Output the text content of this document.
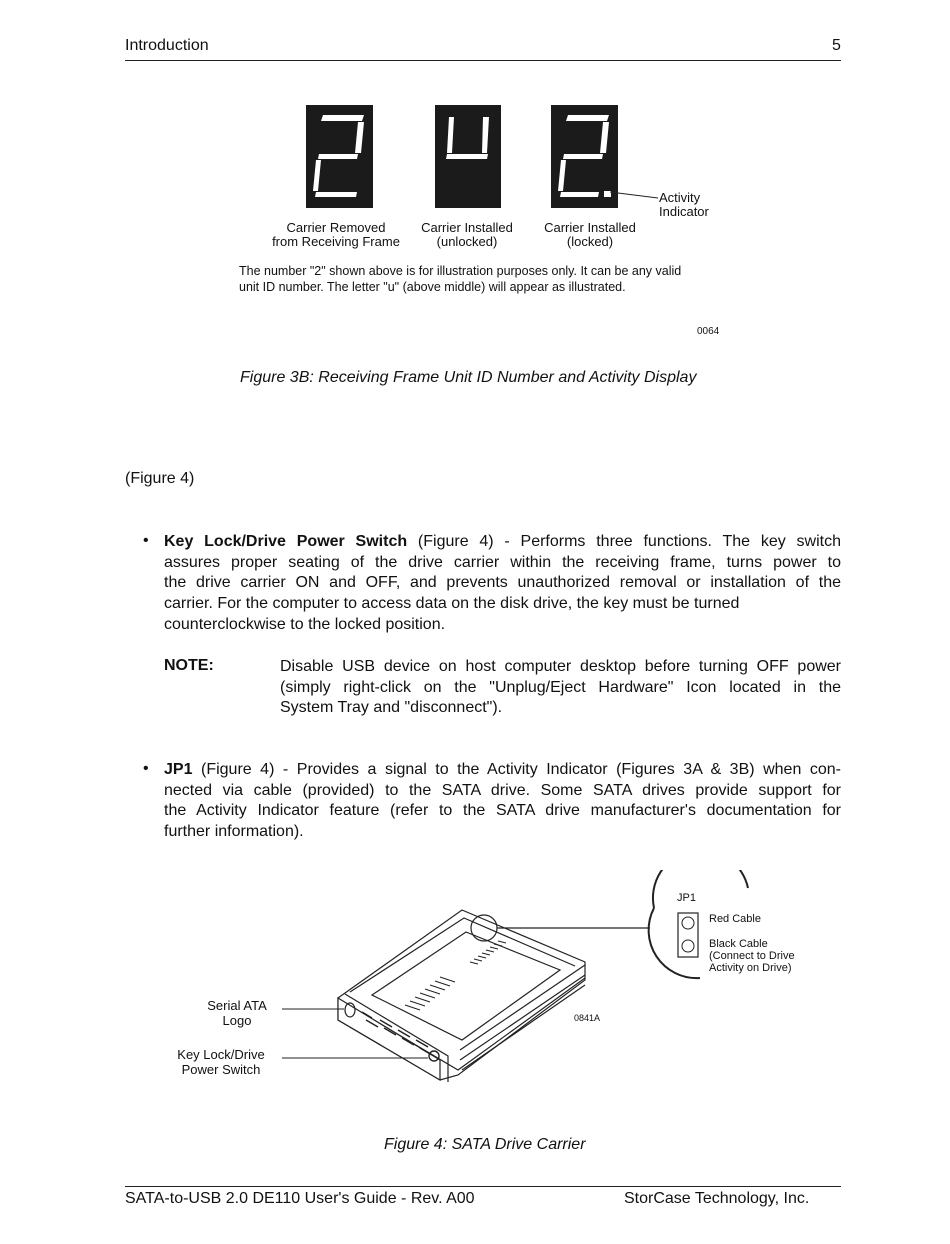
Introduction	5
Activity
Indicator
Carrier Removed
from Receiving Frame
Carrier Installed
(unlocked)
Carrier Installed
(locked)
The number "2" shown above is for illustration purposes only. It can be any valid
unit ID number. The letter "u" (above middle) will appear as illustrated.
0064
Figure 3B: Receiving Frame Unit ID Number and Activity Display
(Figure 4)
• Key Lock/Drive Power Switch (Figure 4) - Performs three functions. The key switch
assures proper seating of the drive carrier within the receiving frame, turns power to
the drive carrier ON and OFF, and prevents unauthorized removal or installation of the
carrier. For the computer to access data on the disk drive, the key must be turned
counterclockwise to the locked position.
NOTE:	Disable USB device on host computer desktop before turning OFF power
(simply right-click on the "Unplug/Eject Hardware" Icon located in the
System Tray and "disconnect").
• JP1 (Figure 4) - Provides a signal to the Activity Indicator (Figures 3A & 3B) when con-
nected via cable (provided) to the SATA drive. Some SATA drives provide support for
the Activity Indicator feature (refer to the SATA drive manufacturer's documentation for
further information).
JP1
Red Cable
Black Cable
(Connect to Drive
Activity on Drive)
0841A
Serial ATA
Logo
Key Lock/Drive
Power Switch
Figure 4: SATA Drive Carrier
SATA-to-USB 2.0 DE110 User's Guide - Rev. A00	StorCase Technology, Inc.
